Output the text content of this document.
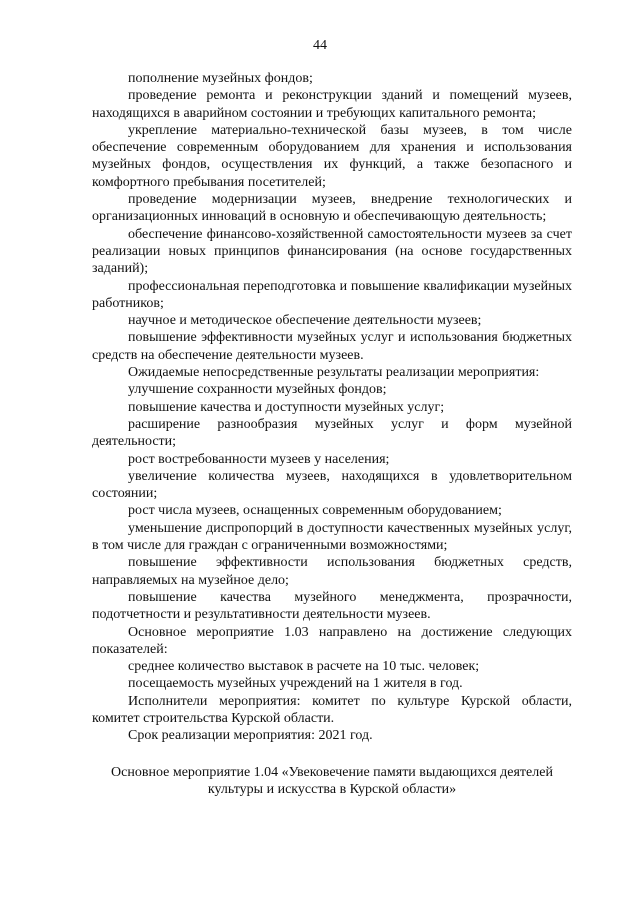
44

пополнение музейных фондов;

проведение ремонта и реконструкции зданий и помещений музеев, находящихся в аварийном состоянии и требующих капитального ремонта;

укрепление материально-технической базы музеев, в том числе обеспечение современным оборудованием для хранения и использования музейных фондов, осуществления их функций, а также безопасного и комфортного пребывания посетителей;

проведение модернизации музеев, внедрение технологических и организационных инноваций в основную и обеспечивающую деятельность;

обеспечение финансово-хозяйственной самостоятельности музеев за счет реализации новых принципов финансирования (на основе государственных заданий);

профессиональная переподготовка и повышение квалификации музейных работников;

научное и методическое обеспечение деятельности музеев;

повышение эффективности музейных услуг и использования бюджетных средств на обеспечение деятельности музеев.

Ожидаемые непосредственные результаты реализации мероприятия:

улучшение сохранности музейных фондов;

повышение качества и доступности музейных услуг;

расширение разнообразия музейных услуг и форм музейной деятельности;

рост востребованности музеев у населения;

увеличение количества музеев, находящихся в удовлетворительном состоянии;

рост числа музеев, оснащенных современным оборудованием;

уменьшение диспропорций в доступности качественных музейных услуг, в том числе для граждан с ограниченными возможностями;

повышение эффективности использования бюджетных средств, направляемых на музейное дело;

повышение качества музейного менеджмента, прозрачности, подотчетности и результативности деятельности музеев.

Основное мероприятие 1.03 направлено на достижение следующих показателей:

среднее количество выставок в расчете на 10 тыс. человек;

посещаемость музейных учреждений на 1 жителя в год.

Исполнители мероприятия: комитет по культуре Курской области, комитет строительства Курской области.

Срок реализации мероприятия: 2021 год.

Основное мероприятие 1.04 «Увековечение памяти выдающихся деятелей культуры и искусства в Курской области»
